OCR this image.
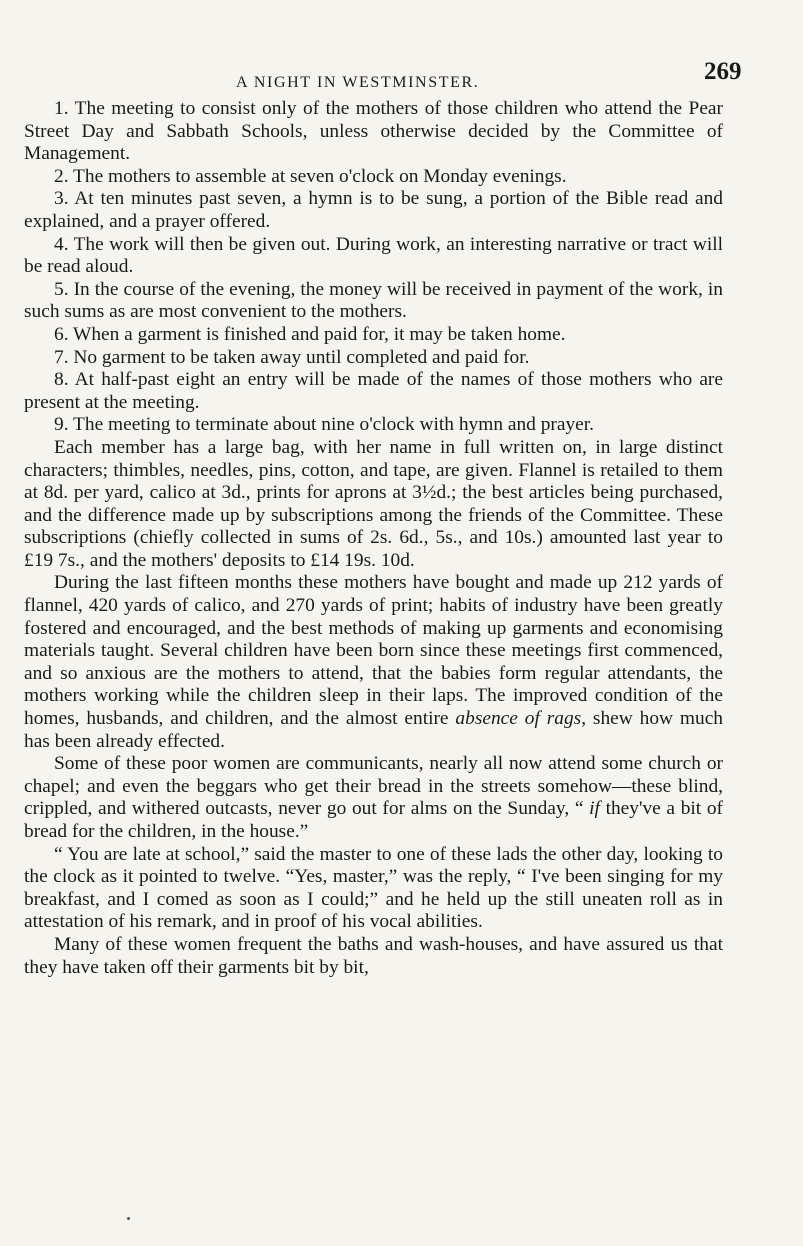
A NIGHT IN WESTMINSTER.	269

1. The meeting to consist only of the mothers of those children who attend the Pear Street Day and Sabbath Schools, unless otherwise decided by the Committee of Management.

2. The mothers to assemble at seven o'clock on Monday evenings.

3. At ten minutes past seven, a hymn is to be sung, a portion of the Bible read and explained, and a prayer offered.

4. The work will then be given out. During work, an interesting narrative or tract will be read aloud.

5. In the course of the evening, the money will be received in payment of the work, in such sums as are most convenient to the mothers.

6. When a garment is finished and paid for, it may be taken home.

7. No garment to be taken away until completed and paid for.

8. At half-past eight an entry will be made of the names of those mothers who are present at the meeting.

9. The meeting to terminate about nine o'clock with hymn and prayer.

Each member has a large bag, with her name in full written on, in large distinct characters; thimbles, needles, pins, cotton, and tape, are given. Flannel is retailed to them at 8d. per yard, calico at 3d., prints for aprons at 3½d.; the best articles being purchased, and the difference made up by subscriptions among the friends of the Committee. These subscriptions (chiefly collected in sums of 2s. 6d., 5s., and 10s.) amounted last year to £19 7s., and the mothers' deposits to £14 19s. 10d.

During the last fifteen months these mothers have bought and made up 212 yards of flannel, 420 yards of calico, and 270 yards of print; habits of industry have been greatly fostered and encouraged, and the best methods of making up garments and economising materials taught. Several children have been born since these meetings first commenced, and so anxious are the mothers to attend, that the babies form regular attendants, the mothers working while the children sleep in their laps. The improved condition of the homes, husbands, and children, and the almost entire absence of rags, shew how much has been already effected.

Some of these poor women are communicants, nearly all now attend some church or chapel; and even the beggars who get their bread in the streets somehow—these blind, crippled, and withered outcasts, never go out for alms on the Sunday, “ if they've a bit of bread for the children, in the house.”

“ You are late at school,” said the master to one of these lads the other day, looking to the clock as it pointed to twelve. “Yes, master,” was the reply, “ I've been singing for my breakfast, and I comed as soon as I could;” and he held up the still uneaten roll as in attestation of his remark, and in proof of his vocal abilities.

Many of these women frequent the baths and wash-houses, and have assured us that they have taken off their garments bit by bit,
